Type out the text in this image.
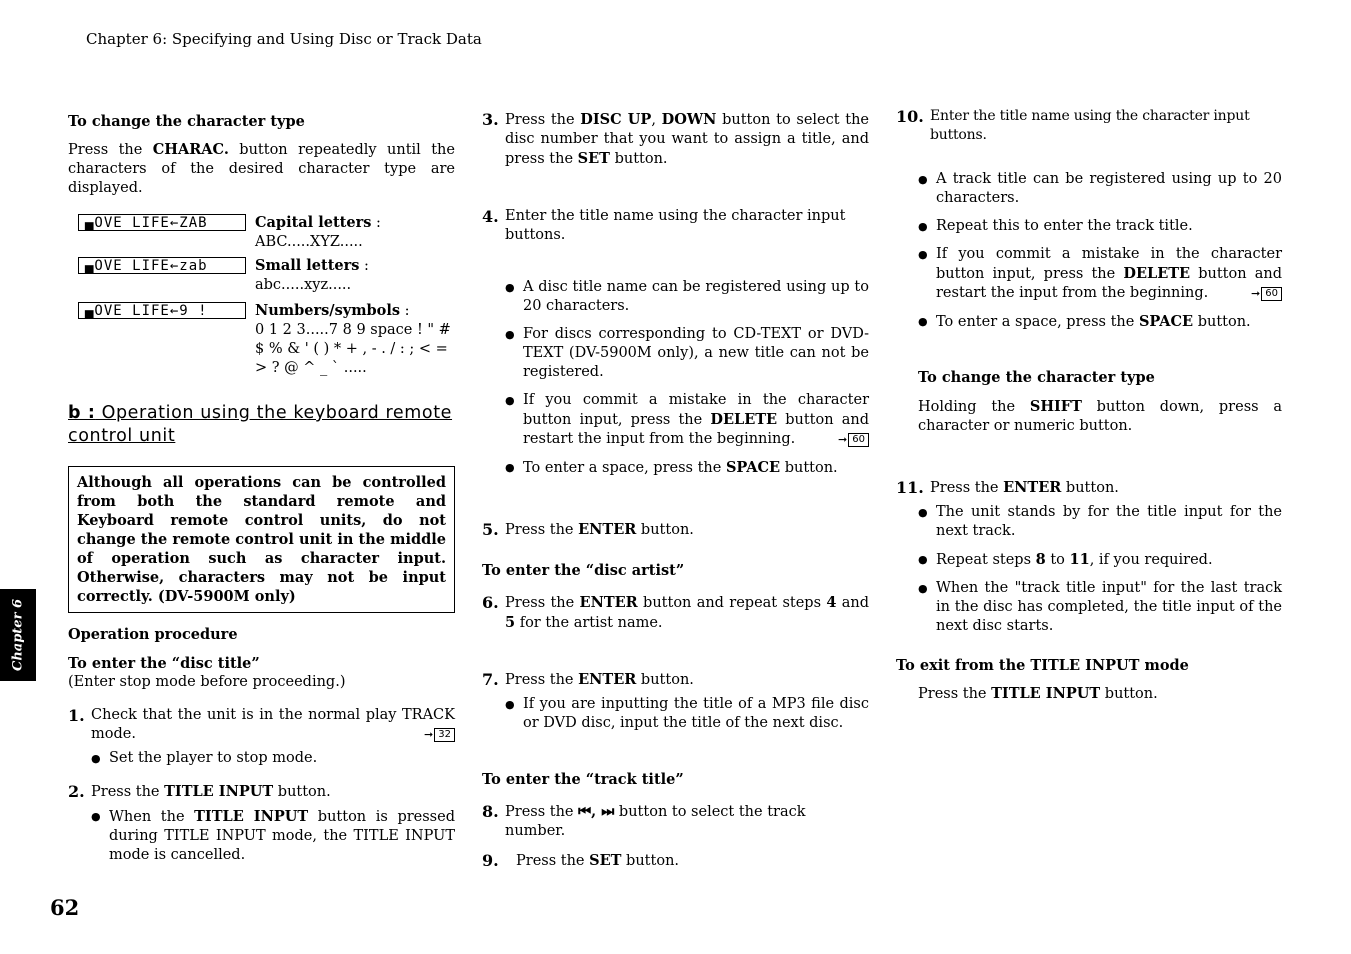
Chapter 6: Specifying and Using Disc or Track Data

To change the character type

Press the CHARAC. button repeatedly until the characters of the desired character type are displayed.

▄OVE LIFE←ZAB	Capital letters :
ABC.....XYZ.....
▄OVE LIFE←zab	Small letters :
abc.....xyz.....
▄OVE LIFE←9 !	Numbers/symbols :
0 1 2 3.....7 8 9 space ! " # $ % & ' ( ) * + , - . / : ; < = > ? @ ^ _ ` .....

b : Operation using the keyboard remote control unit

Although all operations can be controlled from both the standard remote and Keyboard remote control units, do not change the remote control unit in the middle of operation such as character input. Otherwise, characters may not be input correctly. (DV-5900M only)

Operation procedure

To enter the “disc title”

(Enter stop mode before proceeding.)

1. Check that the unit is in the normal play TRACK mode.	➞ 32
● Set the player to stop mode.
2. Press the TITLE INPUT button.
● When the TITLE INPUT button is pressed during TITLE INPUT mode, the TITLE INPUT mode is cancelled.
3. Press the DISC UP, DOWN button to select the disc number that you want to assign a title, and press the SET button.
4. Enter the title name using the character input buttons.
● A disc title name can be registered using up to 20 characters.
● For discs corresponding to CD-TEXT or DVD-TEXT (DV-5900M only), a new title can not be registered.
● If you commit a mistake in the character button input, press the DELETE button and restart the input from the beginning.	➞ 60
● To enter a space, press the SPACE button.
5. Press the ENTER button.

To enter the “disc artist”

6. Press the ENTER button and repeat steps 4 and 5 for the artist name.
7. Press the ENTER button.
● If you are inputting the title of a MP3 file disc or DVD disc, input the title of the next disc.

To enter the “track title”

8. Press the ⏮, ⏭ button to select the track number.
9.	Press the SET button.
10. Enter the title name using the character input buttons.
● A track title can be registered using up to 20 characters.
● Repeat this to enter the track title.
● If you commit a mistake in the character button input, press the DELETE button and restart the input from the beginning.	➞ 60
● To enter a space, press the SPACE button.

To change the character type

Holding the SHIFT button down, press a character or numeric button.

11. Press the ENTER button.
● The unit stands by for the title input for the next track.
● Repeat steps 8 to 11, if you required.
● When the "track title input" for the last track in the disc has completed, the title input of the next disc starts.

To exit from the TITLE INPUT mode

Press the TITLE INPUT button.

Chapter 6
62
